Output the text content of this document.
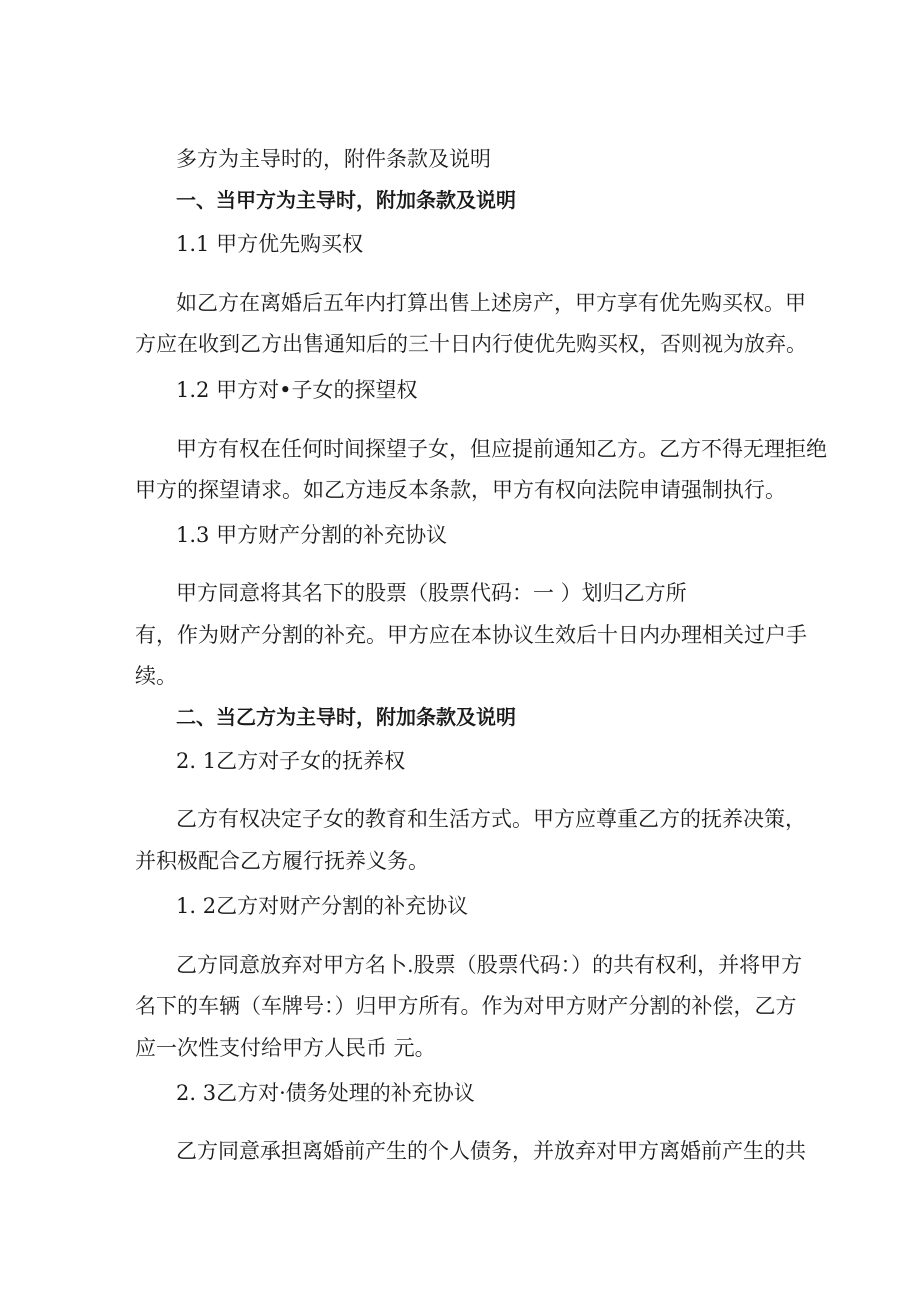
多方为主导时的，附件条款及说明
一、当甲方为主导时，附加条款及说明
1.1 甲方优先购买权
如乙方在离婚后五年内打算出售上述房产，甲方享有优先购买权。甲
方应在收到乙方出售通知后的三十日内行使优先购买权，否则视为放弃。
1.2 甲方对•子女的探望权
甲方有权在任何时间探望子女，但应提前通知乙方。乙方不得无理拒绝
甲方的探望请求。如乙方违反本条款，甲方有权向法院申请强制执行。
1.3 甲方财产分割的补充协议
甲方同意将其名下的股票（股票代码：一 ）划归乙方所
有，作为财产分割的补充。甲方应在本协议生效后十日内办理相关过户手
续。
二、当乙方为主导时，附加条款及说明
2. 1乙方对子女的抚养权
乙方有权决定子女的教育和生活方式。甲方应尊重乙方的抚养决策，
并积极配合乙方履行抚养义务。
1. 2乙方对财产分割的补充协议
乙方同意放弃对甲方名卜.股票（股票代码：）的共有权利，并将甲方
名下的车辆（车牌号：）归甲方所有。作为对甲方财产分割的补偿，乙方
应一次性支付给甲方人民币 元。
2. 3乙方对·债务处理的补充协议
乙方同意承担离婚前产生的个人债务，并放弃对甲方离婚前产生的共
